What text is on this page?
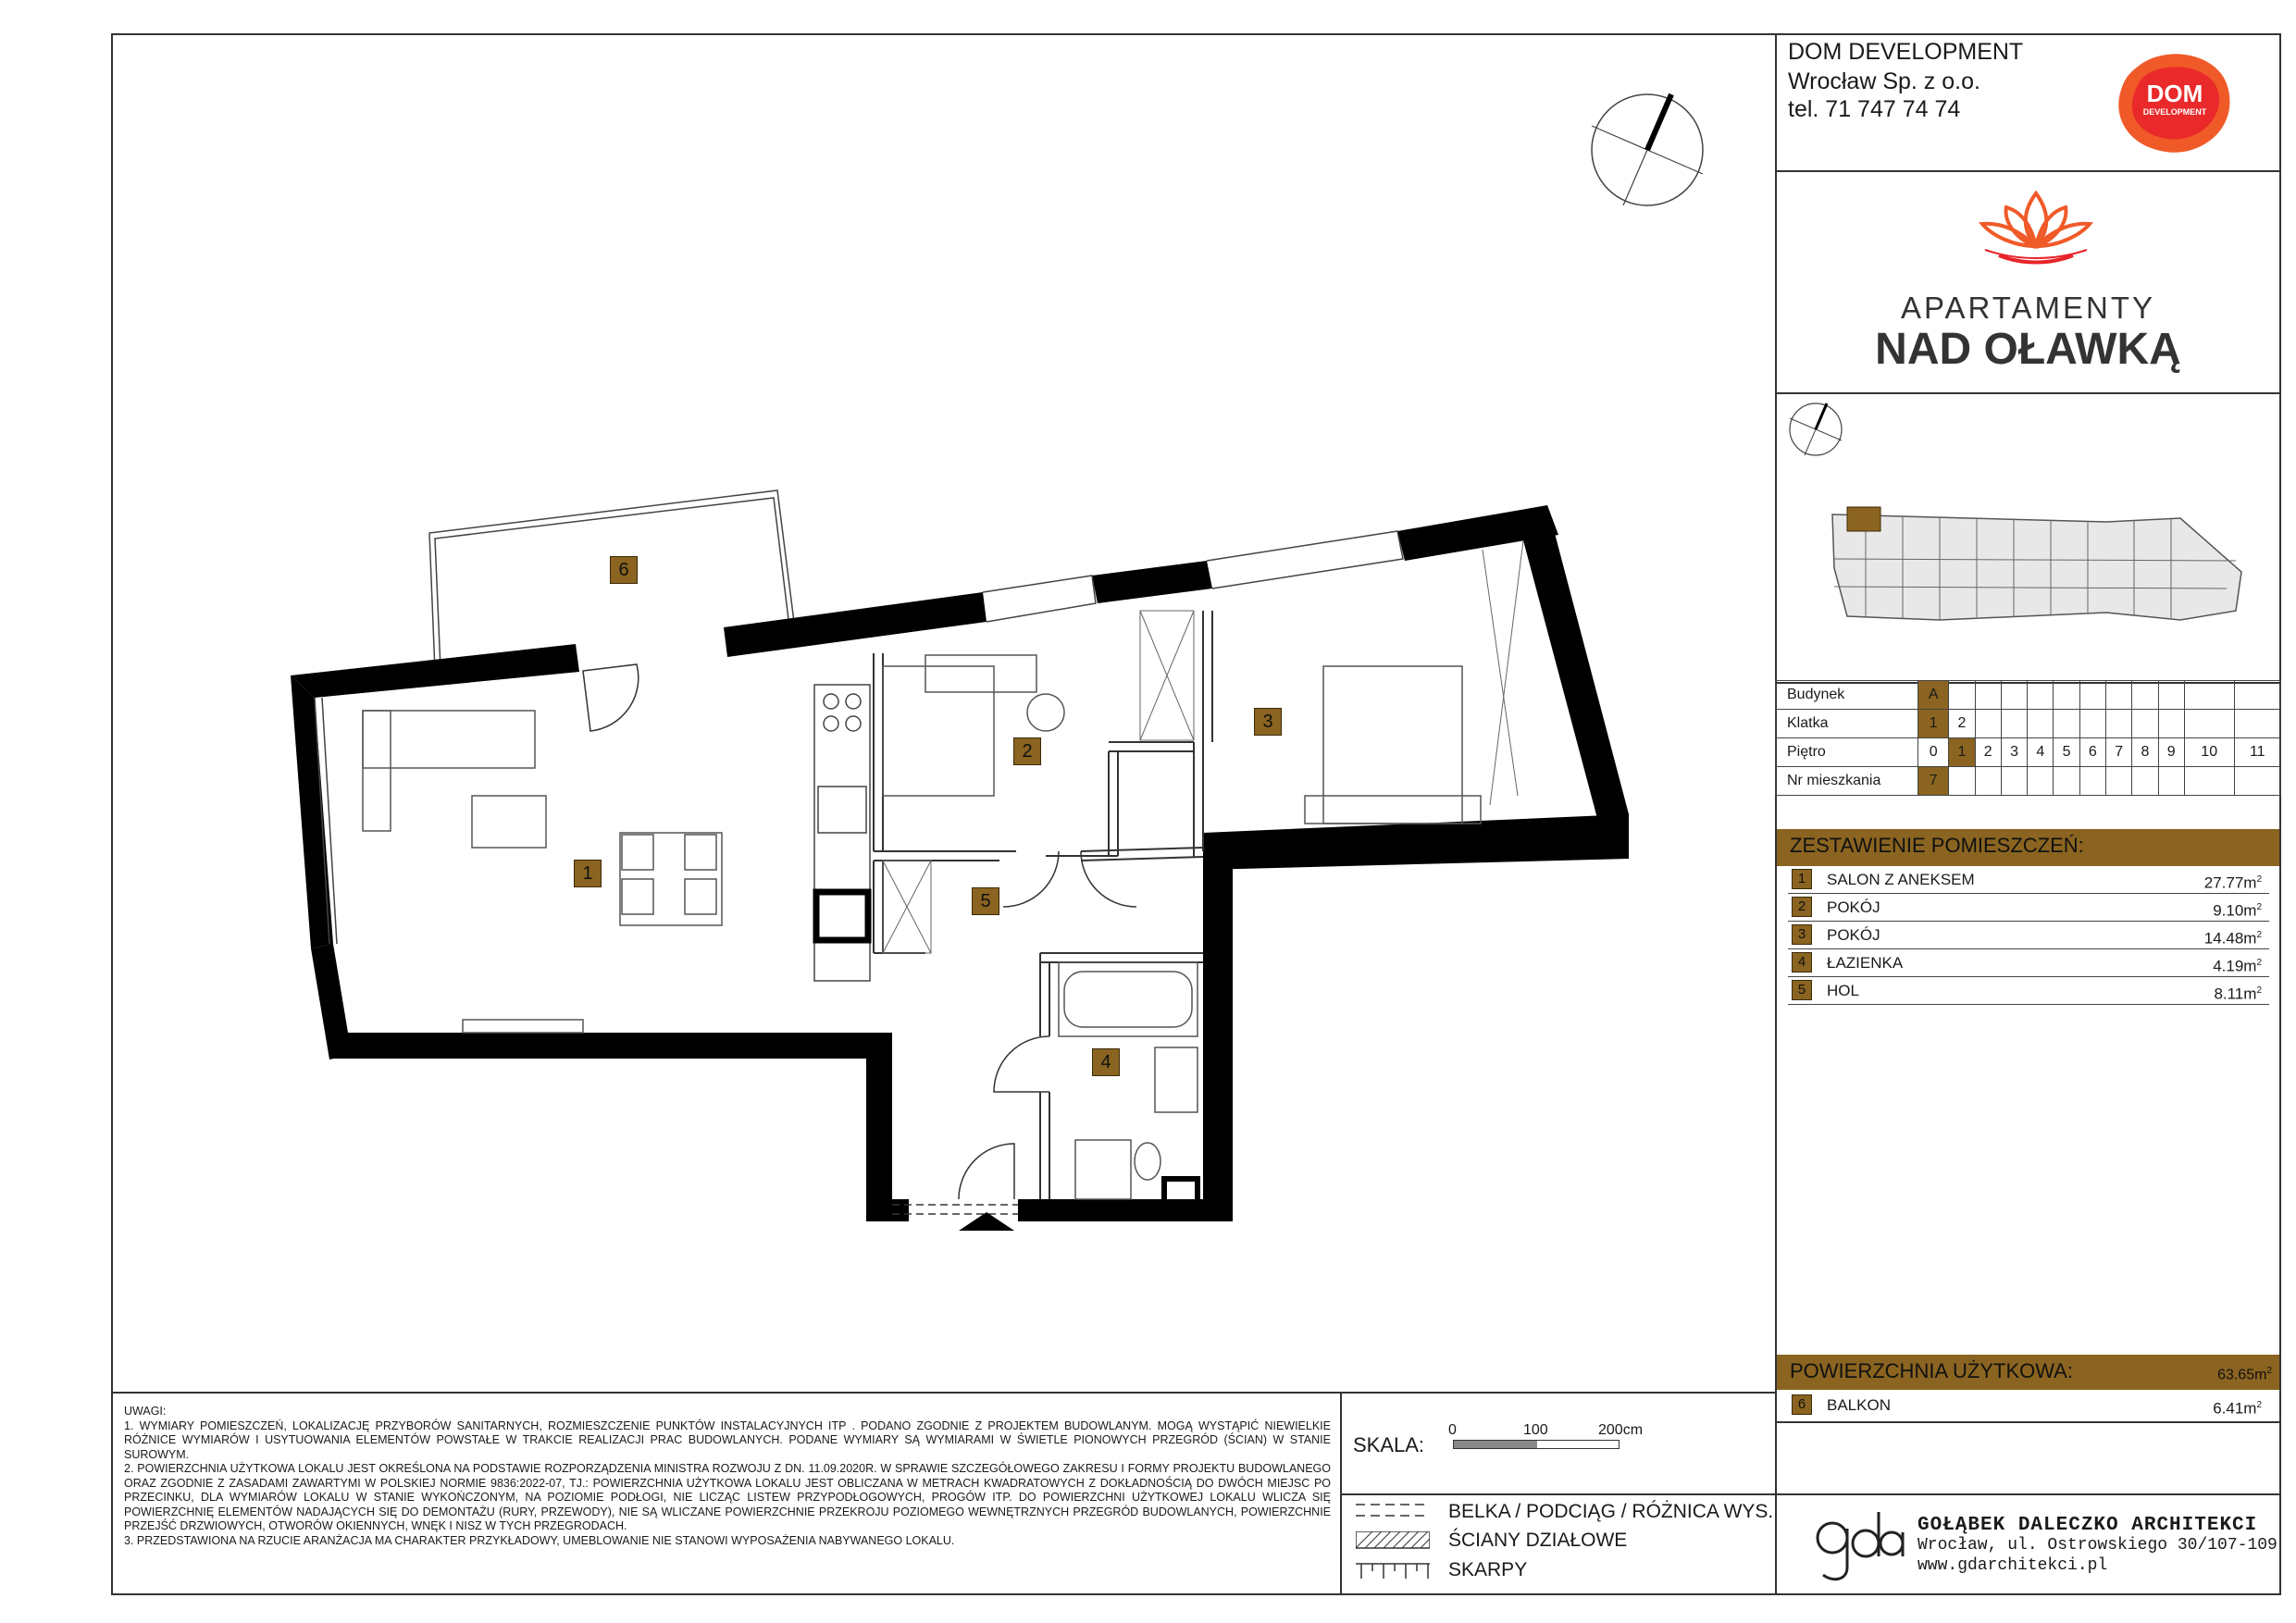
DOM DEVELOPMENT
Wrocław Sp. z o.o.
tel. 71 747 74 74
DOM
DEVELOPMENT
APARTAMENTY
NAD OŁAWKĄ
Budynek	A											
Klatka	1	2										
Piętro	0	1	2	3	4	5	6	7	8	9	10	11
Nr mieszkania	7											
ZESTAWIENIE POMIESZCZEŃ:
1	SALON Z ANEKSEM	$27.77m^2$
2	POKÓJ	$9.10m^2$
3	POKÓJ	$14.48m^2$
4	ŁAZIENKA	$4.19m^2$
5	HOL	$8.11m^2$
POWIERZCHNIA UŻYTKOWA:	$63.65m^2$
6	BALKON	$6.41m^2$
GOŁĄBEK DALECZKO ARCHITEKCI
Wrocław, ul. Ostrowskiego 30/107-109
www.gdarchitekci.pl
SKALA:
0	100	200cm
BELKA / PODCIĄG / RÓŻNICA WYS.
ŚCIANY DZIAŁOWE
SKARPY

UWAGI:

1. WYMIARY POMIESZCZEŃ, LOKALIZACJĘ PRZYBORÓW SANITARNYCH, ROZMIESZCZENIE PUNKTÓW INSTALACYJNYCH ITP . PODANO ZGODNIE Z PROJEKTEM BUDOWLANYM. MOGĄ WYSTĄPIĆ NIEWIELKIE RÓŻNICE WYMIARÓW I USYTUOWANIA ELEMENTÓW POWSTAŁE W TRAKCIE REALIZACJI PRAC BUDOWLANYCH. PODANE WYMIARY SĄ WYMIARAMI W ŚWIETLE PIONOWYCH PRZEGRÓD (ŚCIAN) W STANIE SUROWYM.

2. POWIERZCHNIA UŻYTKOWA LOKALU JEST OKREŚLONA NA PODSTAWIE ROZPORZĄDZENIA MINISTRA ROZWOJU Z DN. 11.09.2020R. W SPRAWIE SZCZEGÓŁOWEGO ZAKRESU I FORMY PROJEKTU BUDOWLANEGO ORAZ ZGODNIE Z ZASADAMI ZAWARTYMI W POLSKIEJ NORMIE 9836:2022-07, TJ.: POWIERZCHNIA UŻYTKOWA LOKALU JEST OBLICZANA W METRACH KWADRATOWYCH Z DOKŁADNOŚCIĄ DO DWÓCH MIEJSC PO PRZECINKU, DLA WYMIARÓW LOKALU W STANIE WYKOŃCZONYM, NA POZIOMIE PODŁOGI, NIE LICZĄC LISTEW PRZYPODŁOGOWYCH, PROGÓW ITP. DO POWIERZCHNI UŻYTKOWEJ LOKALU WLICZA SIĘ POWIERZCHNIĘ ELEMENTÓW NADAJĄCYCH SIĘ DO DEMONTAŻU (RURY, PRZEWODY), NIE SĄ WLICZANE POWIERZCHNIE PRZEKROJU POZIOMEGO WEWNĘTRZNYCH PRZEGRÓD BUDOWLANYCH, POWIERZCHNIE PRZEJŚĆ DRZWIOWYCH, OTWORÓW OKIENNYCH, WNĘK I NISZ W TYCH PRZEGRODACH.

3. PRZEDSTAWIONA NA RZUCIE ARANŻACJA MA CHARAKTER PRZYKŁADOWY, UMEBLOWANIE NIE STANOWI WYPOSAŻENIA NABYWANEGO LOKALU.

6
1
2
3
5
4
